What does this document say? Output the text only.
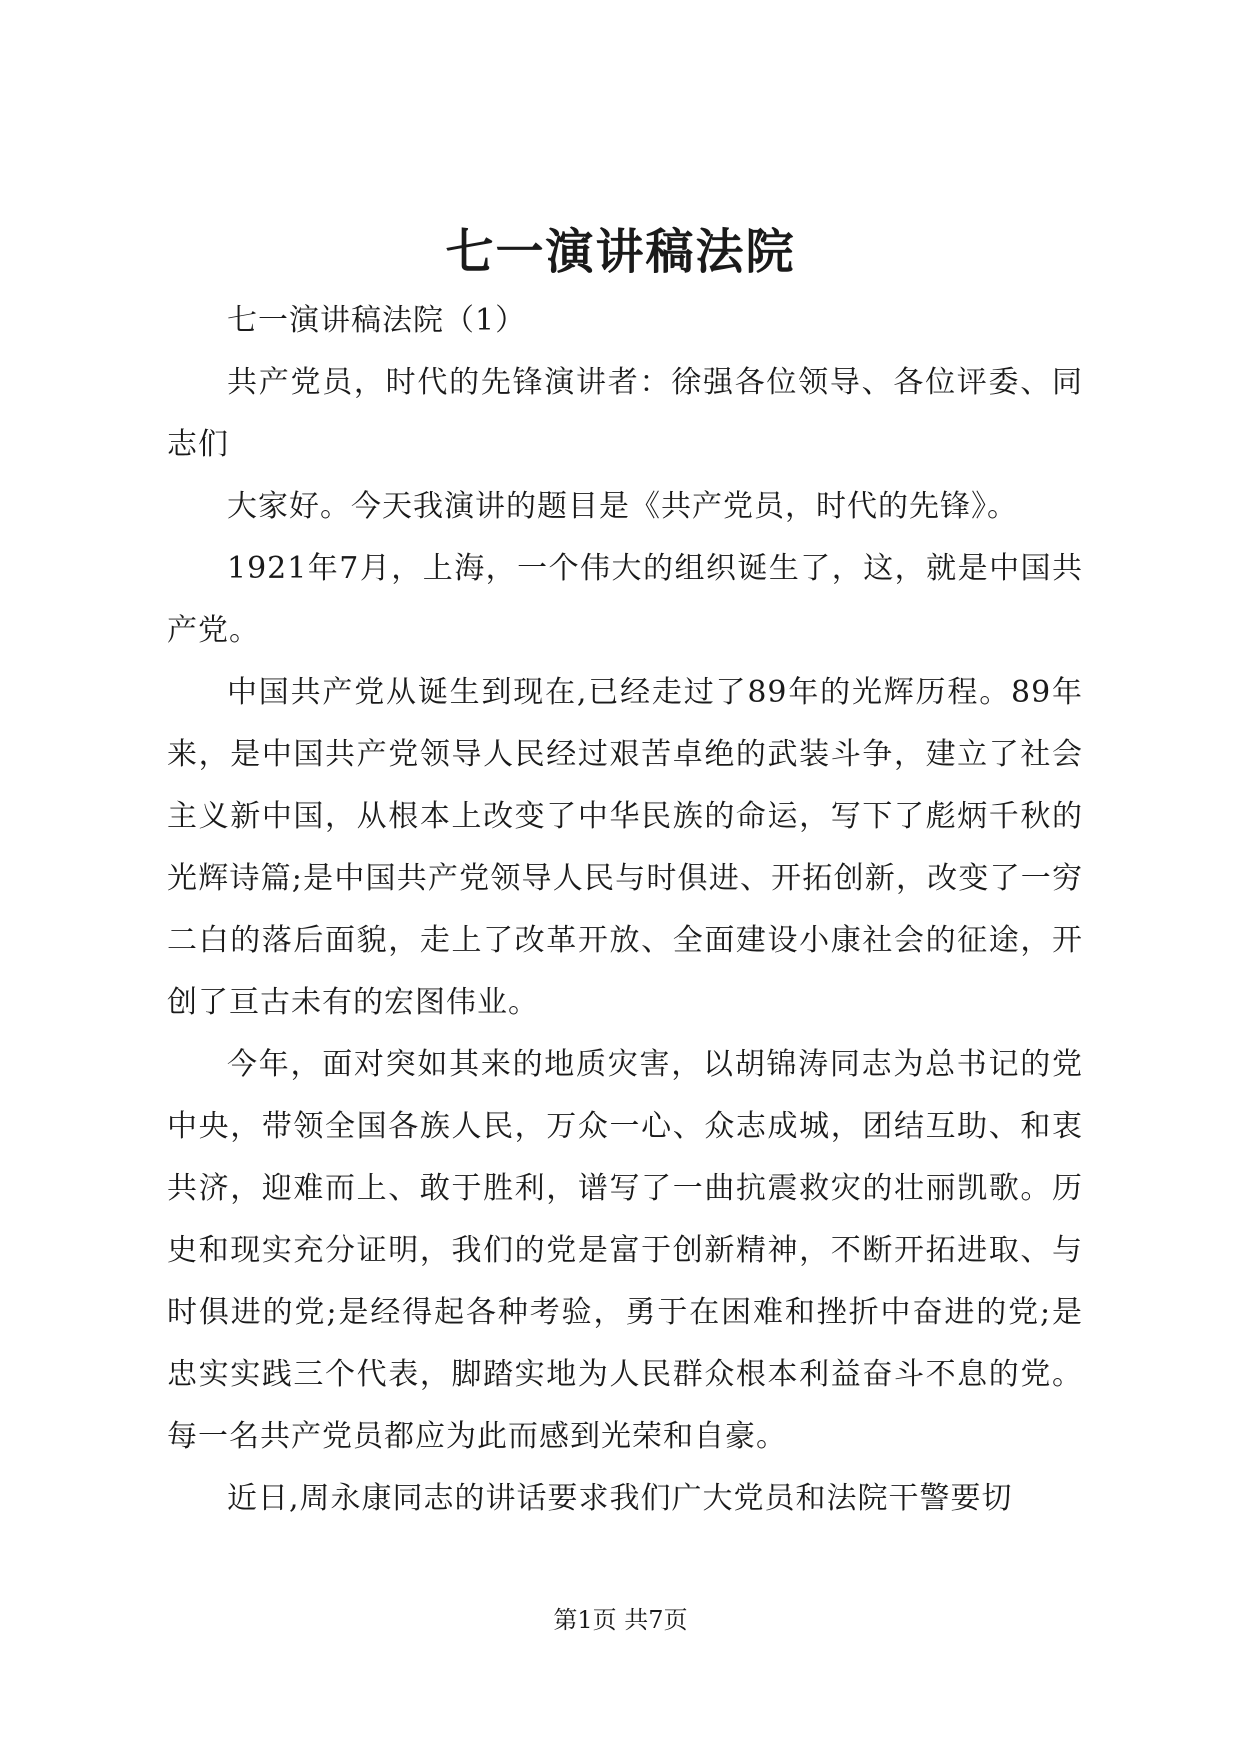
七一演讲稿法院

七一演讲稿法院（1）

共产党员，时代的先锋演讲者：徐强各位领导、各位评委、同志们

大家好。今天我演讲的题目是《共产党员，时代的先锋》。

1921年7月，上海，一个伟大的组织诞生了，这，就是中国共产党。

中国共产党从诞生到现在,已经走过了89年的光辉历程。89年来，是中国共产党领导人民经过艰苦卓绝的武装斗争，建立了社会主义新中国，从根本上改变了中华民族的命运，写下了彪炳千秋的光辉诗篇;是中国共产党领导人民与时俱进、开拓创新，改变了一穷二白的落后面貌，走上了改革开放、全面建设小康社会的征途，开创了亘古未有的宏图伟业。

今年，面对突如其来的地质灾害，以胡锦涛同志为总书记的党中央，带领全国各族人民，万众一心、众志成城，团结互助、和衷共济，迎难而上、敢于胜利，谱写了一曲抗震救灾的壮丽凯歌。历史和现实充分证明，我们的党是富于创新精神，不断开拓进取、与时俱进的党;是经得起各种考验，勇于在困难和挫折中奋进的党;是忠实实践三个代表，脚踏实地为人民群众根本利益奋斗不息的党。每一名共产党员都应为此而感到光荣和自豪。

近日,周永康同志的讲话要求我们广大党员和法院干警要切

第1页 共7页
